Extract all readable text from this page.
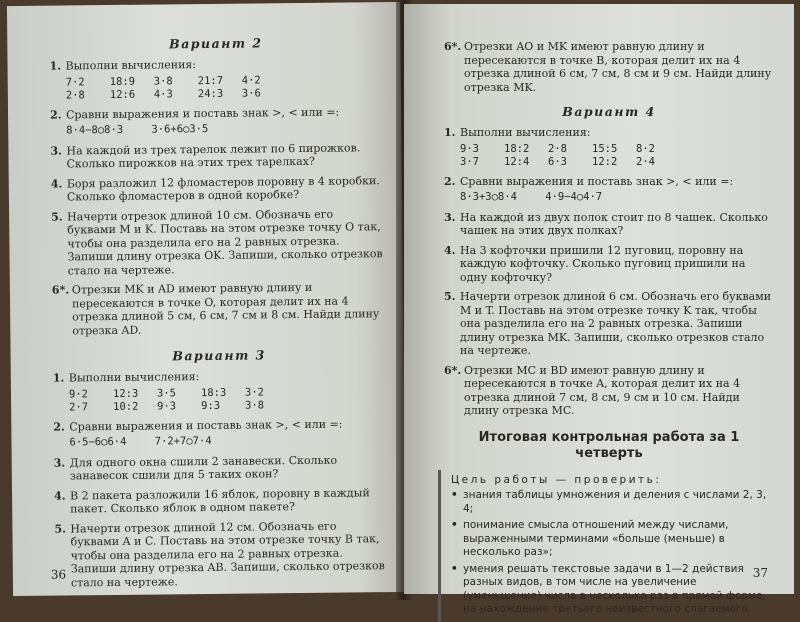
Вариант 2
1. Выполни вычисления:
7·2	18:9	3·8	21:7	4·2
2·8	12:6	4·3	24:3	3·6
2. Сравни выражения и поставь знак >, < или =:
8·4−8○8·3	3·6+6○3·5
3. На каждой из трех тарелок лежит по 6 пирожков. Сколько пирожков на этих трех тарелках?
4. Боря разложил 12 фломастеров поровну в 4 коробки. Сколько фломастеров в одной коробке?
5. Начерти отрезок длиной 10 см. Обозначь его буквами M и K. Поставь на этом отрезке точку O так, чтобы она разделила его на 2 равных отрезка. Запиши длину отрезка OK. Запиши, сколько отрезков стало на чертеже.
6*. Отрезки MK и AD имеют равную длину и пересекаются в точке O, которая делит их на 4 отрезка длиной 5 см, 6 см, 7 см и 8 см. Найди длину отрезка AD.
Вариант 3
1. Выполни вычисления:
9·2	12:3	3·5	18:3	3·2
2·7	10:2	9·3	9:3	3·8
2. Сравни выражения и поставь знак >, < или =:
6·5−6○6·4	7·2+7○7·4
3. Для одного окна сшили 2 занавески. Сколько занавесок сшили для 5 таких окон?
4. В 2 пакета разложили 16 яблок, поровну в каждый пакет. Сколько яблок в одном пакете?
5. Начерти отрезок длиной 12 см. Обозначь его буквами A и C. Поставь на этом отрезке точку B так, чтобы она разделила его на 2 равных отрезка. Запиши длину отрезка AB. Запиши, сколько отрезков стало на чертеже.
36
6*. Отрезки AO и MK имеют равную длину и пересекаются в точке B, которая делит их на 4 отрезка длиной 6 см, 7 см, 8 см и 9 см. Найди длину отрезка MK.
Вариант 4
1. Выполни вычисления:
9·3	18:2	2·8	15:5	8·2
3·7	12:4	6·3	12:2	2·4
2. Сравни выражения и поставь знак >, < или =:
8·3+3○8·4	4·9−4○4·7
3. На каждой из двух полок стоит по 8 чашек. Сколько чашек на этих двух полках?
4. На 3 кофточки пришили 12 пуговиц, поровну на каждую кофточку. Сколько пуговиц пришили на одну кофточку?
5. Начерти отрезок длиной 6 см. Обозначь его буквами M и T. Поставь на этом отрезке точку K так, чтобы она разделила его на 2 равных отрезка. Запиши длину отрезка MK. Запиши, сколько отрезков стало на чертеже.
6*. Отрезки MC и BD имеют равную длину и пересекаются в точке A, которая делит их на 4 отрезка длиной 7 см, 8 см, 9 см и 10 см. Найди длину отрезка MC.
Итоговая контрольная работа за 1 четверть
Цель работы — проверить:
• знания таблицы умножения и деления с числами 2, 3, 4;
• понимание смысла отношений между числами, выраженными терминами «больше (меньше) в несколько раз»;
• умения решать текстовые задачи в 1—2 действия разных видов, в том числе на увеличение (уменьшение) числа в несколько раз в прямой форме, на нахождение третьего неизвестного слагаемого.
37
